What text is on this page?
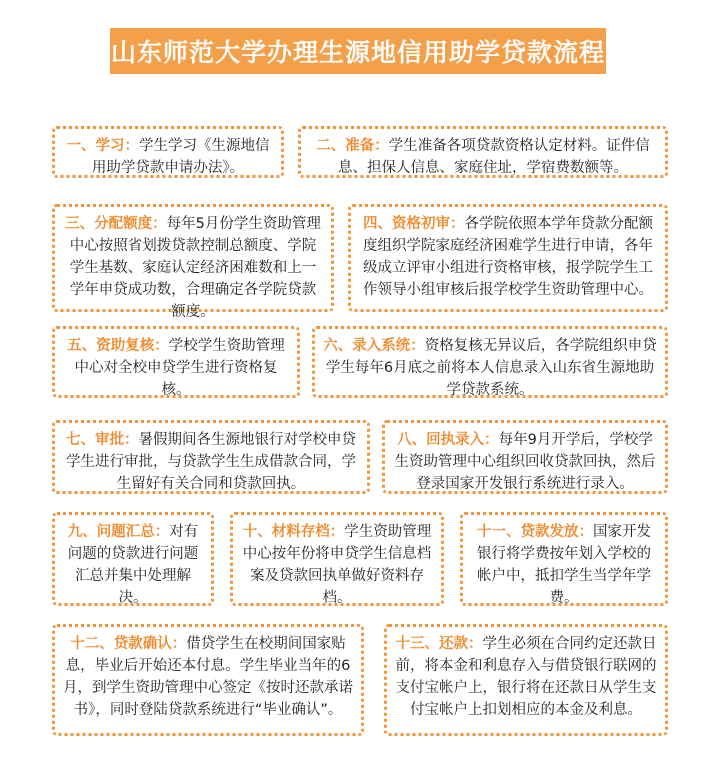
山东师范大学办理生源地信用助学贷款流程
一、学习：学生学习《生源地信用助学贷款申请办法》。
二、准备：学生准备各项贷款资格认定材料。证件信息、担保人信息、家庭住址，学宿费数额等。
三、分配额度：每年5月份学生资助管理中心按照省划拨贷款控制总额度、学院学生基数、家庭认定经济困难数和上一学年申贷成功数，合理确定各学院贷款额度。
四、资格初审：各学院依照本学年贷款分配额度组织学院家庭经济困难学生进行申请，各年级成立评审小组进行资格审核，报学院学生工作领导小组审核后报学校学生资助管理中心。
五、资助复核：学校学生资助管理中心对全校申贷学生进行资格复核。
六、录入系统：资格复核无异议后，各学院组织申贷学生每年6月底之前将本人信息录入山东省生源地助学贷款系统。
七、审批：暑假期间各生源地银行对学校申贷学生进行审批，与贷款学生生成借款合同，学生留好有关合同和贷款回执。
八、回执录入：每年9月开学后，学校学生资助管理中心组织回收贷款回执，然后登录国家开发银行系统进行录入。
九、问题汇总：对有问题的贷款进行问题汇总并集中处理解决。
十、材料存档：学生资助管理中心按年份将申贷学生信息档案及贷款回执单做好资料存档。
十一、贷款发放：国家开发银行将学费按年划入学校的帐户中，抵扣学生当学年学费。
十二、贷款确认：借贷学生在校期间国家贴息，毕业后开始还本付息。学生毕业当年的6月，到学生资助管理中心签定《按时还款承诺书》，同时登陆贷款系统进行“毕业确认”。
十三、还款：学生必须在合同约定还款日前，将本金和利息存入与借贷银行联网的支付宝帐户上，银行将在还款日从学生支付宝帐户上扣划相应的本金及利息。
